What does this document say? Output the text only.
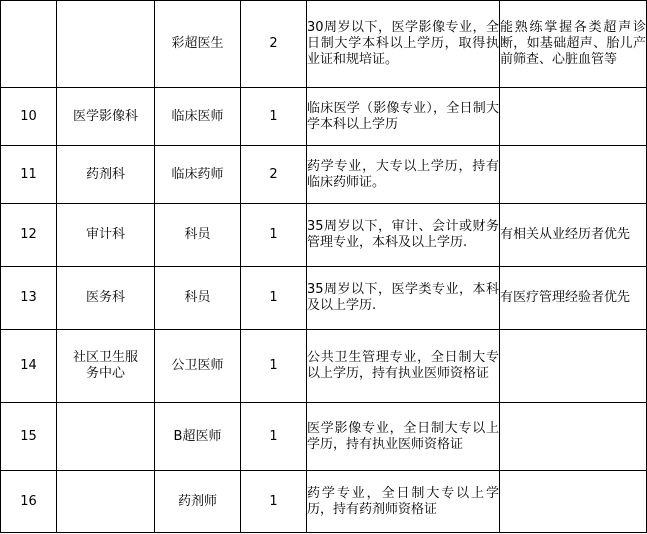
		彩超医生	2	30周岁以下，医学影像专业，全日制大学本科以上学历，取得执业证和规培证。	能熟练掌握各类超声诊断，如基础超声、胎儿产前筛查、心脏血管等
10	医学影像科	临床医师	1	临床医学（影像专业），全日制大学本科以上学历	
11	药剂科	临床药师	2	药学专业，大专以上学历，持有临床药师证。	
12	审计科	科员	1	35周岁以下，审计、会计或财务管理专业，本科及以上学历.	有相关从业经历者优先
13	医务科	科员	1	35周岁以下，医学类专业，本科及以上学历.	有医疗管理经验者优先
14	社区卫生服务中心	公卫医师	1	公共卫生管理专业，全日制大专以上学历，持有执业医师资格证	
15		B超医师	1	医学影像专业，全日制大专以上学历，持有执业医师资格证	
16		药剂师	1	药学专业，全日制大专以上学历，持有药剂师资格证	
